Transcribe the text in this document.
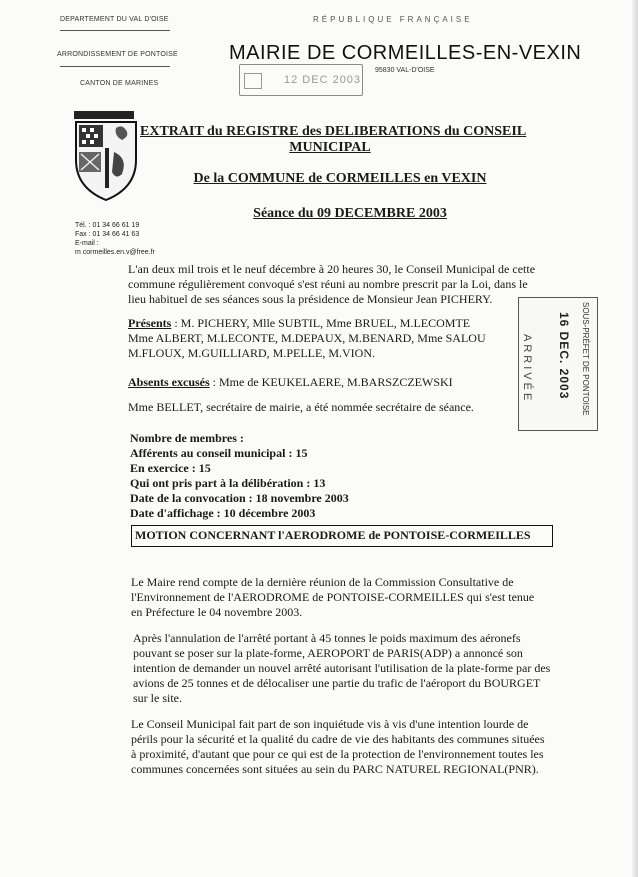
DEPARTEMENT DU VAL D'OISE
ARRONDISSEMENT DE PONTOISE
CANTON DE MARINES
RÉPUBLIQUE FRANÇAISE
MAIRIE DE CORMEILLES-EN-VEXIN
95830 VAL-D'OISE
12 DEC 2003
EXTRAIT du REGISTRE des DELIBERATIONS du CONSEIL
MUNICIPAL
De la COMMUNE de CORMEILLES en VEXIN
Séance du 09 DECEMBRE 2003
Tél. : 01 34 66 61 19
Fax : 01 34 66 41 63
E-mail :
m cormeilles.en.v@free.fr
L'an deux mil trois et le neuf décembre à 20 heures 30, le Conseil Municipal de cette
commune régulièrement convoqué s'est réuni au nombre prescrit par la Loi, dans le
lieu habituel de ses séances sous la présidence de Monsieur Jean PICHERY.
Présents : M. PICHERY, Mlle SUBTIL, Mme BRUEL, M.LECOMTE
Mme ALBERT, M.LECONTE, M.DEPAUX, M.BENARD, Mme SALOU
M.FLOUX, M.GUILLIARD, M.PELLE, M.VION.
Absents excusés : Mme de KEUKELAERE, M.BARSZCZEWSKI
Mme BELLET, secrétaire de mairie, a été nommée secrétaire de séance.
Nombre de membres :
Afférents au conseil municipal : 15
En exercice : 15
Qui ont pris part à la délibération : 13
Date de la convocation : 18 novembre 2003
Date d'affichage : 10 décembre 2003
MOTION CONCERNANT l'AERODROME de PONTOISE-CORMEILLES
Le Maire rend compte de la dernière réunion de la Commission Consultative de
l'Environnement de l'AERODROME de PONTOISE-CORMEILLES qui s'est tenue
en Préfecture le 04 novembre 2003.
Après l'annulation de l'arrêté portant à 45 tonnes le poids maximum des aéronefs
pouvant se poser sur la plate-forme, AEROPORT de PARIS(ADP) a annoncé son
intention de demander un nouvel arrêté autorisant l'utilisation de la plate-forme par des
avions de 25 tonnes et de délocaliser une partie du trafic de l'aéroport du BOURGET
sur le site.
Le Conseil Municipal fait part de son inquiétude vis à vis d'une intention lourde de
périls pour la sécurité et la qualité du cadre de vie des habitants des communes situées
à proximité, d'autant que pour ce qui est de la protection de l'environnement toutes les
communes concernées sont situées au sein du PARC NATUREL REGIONAL(PNR).
SOUS-PRÉFET DE PONTOISE
16 DEC. 2003
ARRIVÉE
